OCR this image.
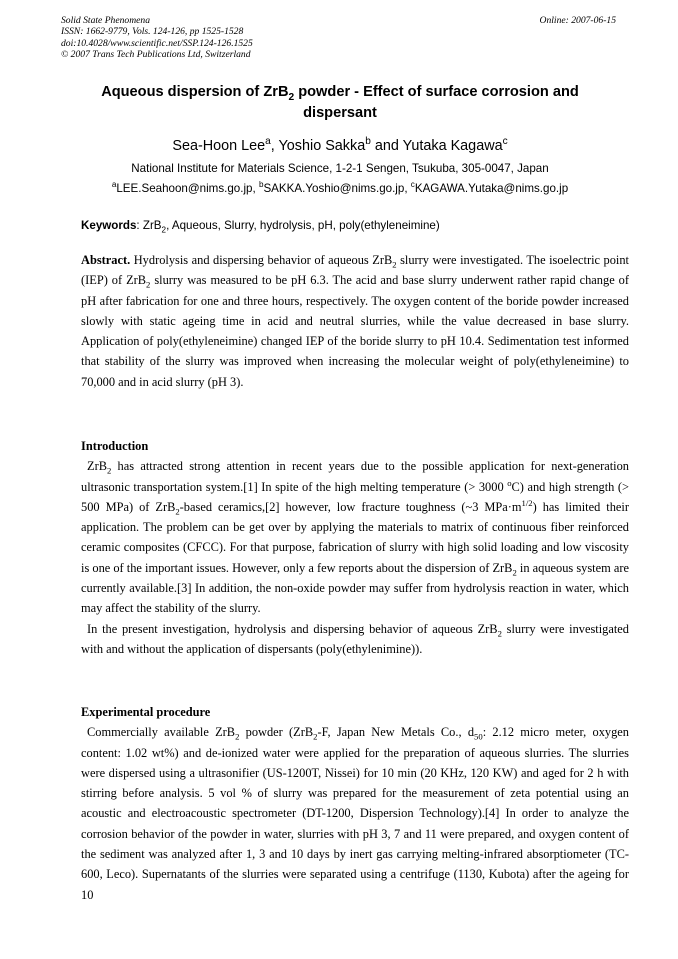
Solid State Phenomena
ISSN: 1662-9779, Vols. 124-126, pp 1525-1528
doi:10.4028/www.scientific.net/SSP.124-126.1525
© 2007 Trans Tech Publications Ltd, Switzerland
Online: 2007-06-15
Aqueous dispersion of ZrB$_2$ powder - Effect of surface corrosion and dispersant
Sea-Hoon Lee$^a$, Yoshio Sakka$^b$ and Yutaka Kagawa$^c$
National Institute for Materials Science, 1-2-1 Sengen, Tsukuba, 305-0047, Japan
$^a$LEE.Seahoon@nims.go.jp, $^b$SAKKA.Yoshio@nims.go.jp, $^c$KAGAWA.Yutaka@nims.go.jp
Keywords: ZrB$_2$, Aqueous, Slurry, hydrolysis, pH, poly(ethyleneimine)

Abstract. Hydrolysis and dispersing behavior of aqueous ZrB$_2$ slurry were investigated. The isoelectric point (IEP) of ZrB$_2$ slurry was measured to be pH 6.3. The acid and base slurry underwent rather rapid change of pH after fabrication for one and three hours, respectively. The oxygen content of the boride powder increased slowly with static ageing time in acid and neutral slurries, while the value decreased in base slurry. Application of poly(ethyleneimine) changed IEP of the boride slurry to pH 10.4. Sedimentation test informed that stability of the slurry was improved when increasing the molecular weight of poly(ethyleneimine) to 70,000 and in acid slurry (pH 3).

Introduction

ZrB$_2$ has attracted strong attention in recent years due to the possible application for next-generation ultrasonic transportation system.[1] In spite of the high melting temperature (> 3000 $^o$C) and high strength (> 500 MPa) of ZrB$_2$-based ceramics,[2] however, low fracture toughness (~3 $MPa\cdot m^{1/2}$) has limited their application. The problem can be get over by applying the materials to matrix of continuous fiber reinforced ceramic composites (CFCC). For that purpose, fabrication of slurry with high solid loading and low viscosity is one of the important issues. However, only a few reports about the dispersion of ZrB$_2$ in aqueous system are currently available.[3] In addition, the non-oxide powder may suffer from hydrolysis reaction in water, which may affect the stability of the slurry.

In the present investigation, hydrolysis and dispersing behavior of aqueous ZrB$_2$ slurry were investigated with and without the application of dispersants (poly(ethylenimine)).

Experimental procedure

Commercially available ZrB$_2$ powder (ZrB$_2$-F, Japan New Metals Co., $d_{50}$: 2.12 micro meter, oxygen content: 1.02 wt%) and de-ionized water were applied for the preparation of aqueous slurries. The slurries were dispersed using a ultrasonifier (US-1200T, Nissei) for 10 min (20 KHz, 120 KW) and aged for 2 h with stirring before analysis. 5 vol % of slurry was prepared for the measurement of zeta potential using an acoustic and electroacoustic spectrometer (DT-1200, Dispersion Technology).[4] In order to analyze the corrosion behavior of the powder in water, slurries with pH 3, 7 and 11 were prepared, and oxygen content of the sediment was analyzed after 1, 3 and 10 days by inert gas carrying melting-infrared absorptiometer (TC-600, Leco). Supernatants of the slurries were separated using a centrifuge (1130, Kubota) after the ageing for 10
